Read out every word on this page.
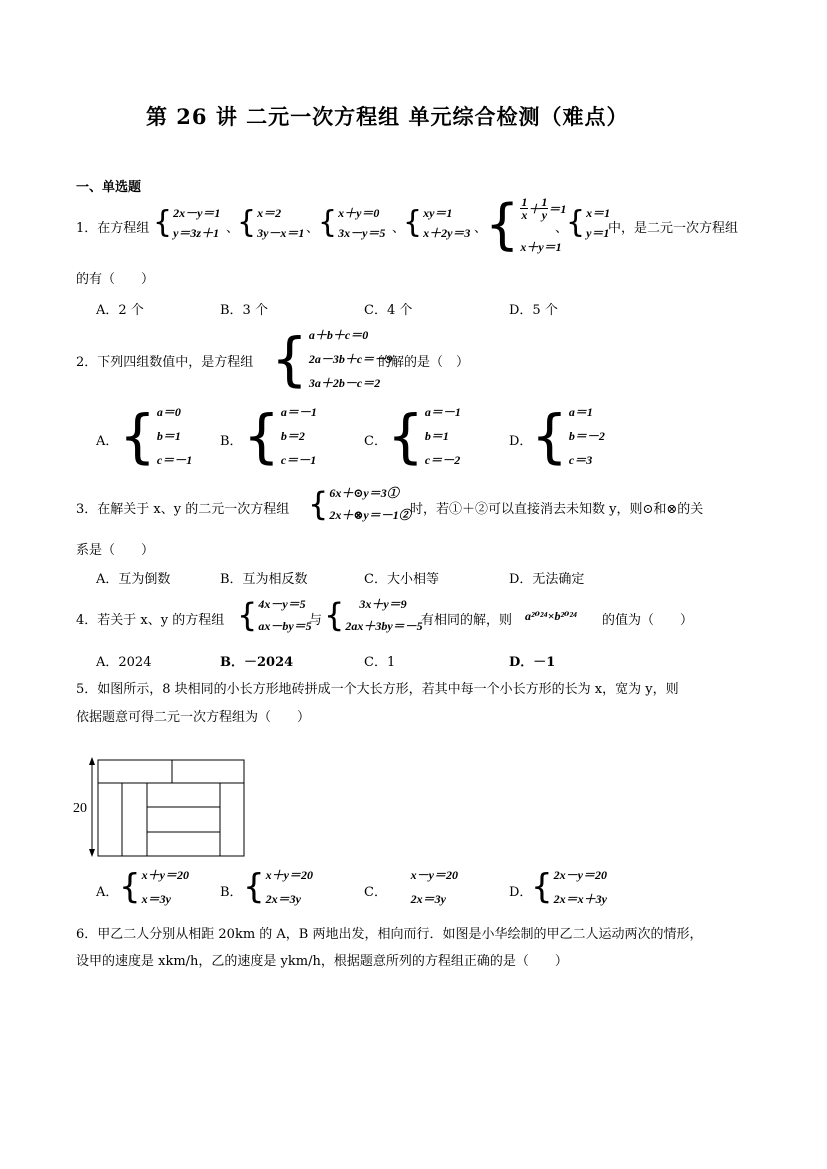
第 26 讲 二元一次方程组 单元综合检测（难点）
一、单选题
1．在方程组 { 2x－y＝1
y＝3z＋1 、
{ x＝2
3y－x＝1 、
{ x＋y＝0
3x－y＝5 、
{ xy＝1
x＋2y＝3 、
{ $\frac{1}{x} + \frac{1}{y} =1$
x＋y＝1
、
{ x＝1
y＝1
中，是二元一次方程组
的有（　　）
A．2 个	B．3 个	C．4 个	D．5 个
2．下列四组数值中，是方程组 { a＋b＋c＝0
2a－3b＋c＝－9
3a＋2b－c＝2
的解的是（　）
A． { a＝0
b＝1
c＝－1
B． { a＝－1
b＝2
c＝－1
C． { a＝－1
b＝1
c＝－2
D．
{ a＝1
b＝－2
c＝3
3．在解关于 x、y 的二元一次方程组 { 6x＋⊙y＝3①
2x＋⊗y＝－1② 时，若①＋②可以直接消去未知数 y，则⊙和⊗的关
系是（　　）
A．互为倒数	B．互为相反数	C．大小相等	D．无法确定
4．若关于 x、y 的方程组 { 4x－y＝5
ax－by＝5
与 {	3x＋y＝9
2ax＋3by＝－5
有相同的解，则 a²⁰²⁴×b²⁰²⁴ 的值为（　　）
A．2024	B．－2024	C．1	D．－1
5．如图所示，8 块相同的小长方形地砖拼成一个大长方形，若其中每一个小长方形的长为 x，宽为 y，则
依据题意可得二元一次方程组为（　　）
20
A． { x＋y＝20
x＝3y	B． { x＋y＝20
2x＝3y	C．
x－y＝20
2x＝3y	D．
{ 2x－y＝20
2x＝x＋3y
6．甲乙二人分别从相距 20km 的 A，B 两地出发，相向而行．如图是小华绘制的甲乙二人运动两次的情形，
设甲的速度是 xkm/h，乙的速度是 ykm/h，根据题意所列的方程组正确的是（　　）
